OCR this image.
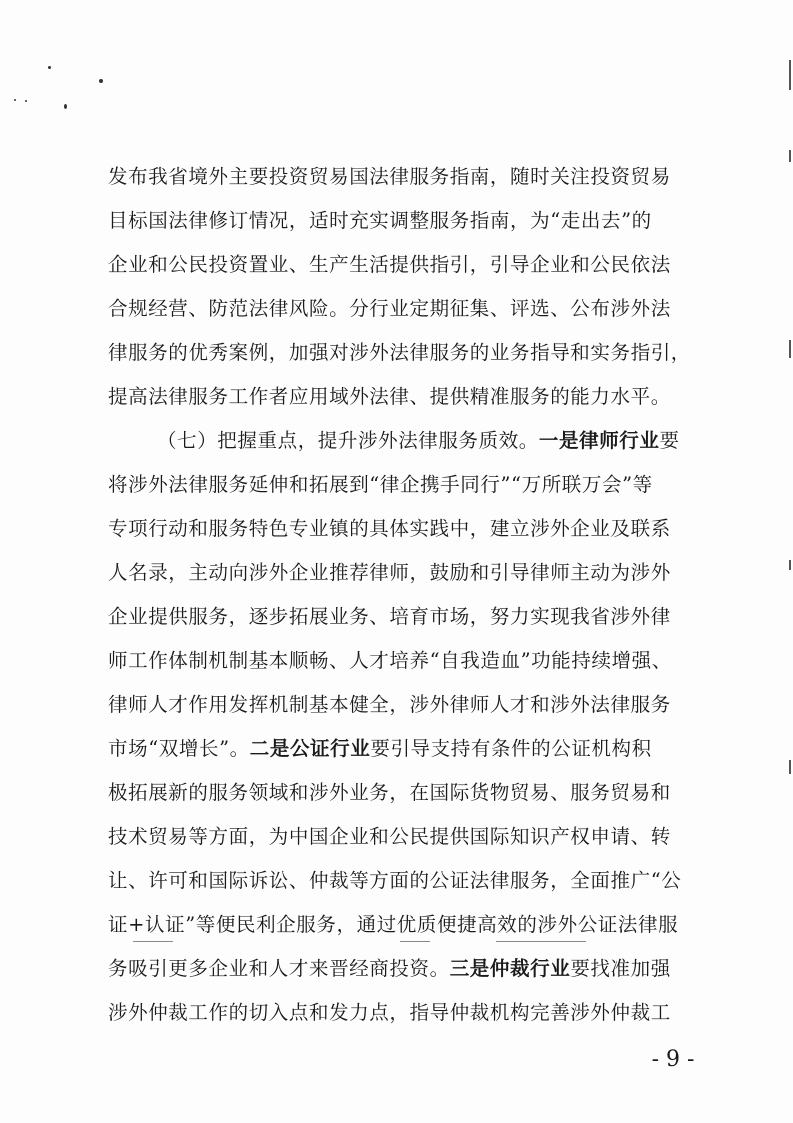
发布我省境外主要投资贸易国法律服务指南，随时关注投资贸易
目标国法律修订情况，适时充实调整服务指南，为“走出去”的
企业和公民投资置业、生产生活提供指引，引导企业和公民依法
合规经营、防范法律风险。分行业定期征集、评选、公布涉外法
律服务的优秀案例，加强对涉外法律服务的业务指导和实务指引，
提高法律服务工作者应用域外法律、提供精准服务的能力水平。
（七）把握重点，提升涉外法律服务质效。一是律师行业要
将涉外法律服务延伸和拓展到“律企携手同行”“万所联万会”等
专项行动和服务特色专业镇的具体实践中，建立涉外企业及联系
人名录，主动向涉外企业推荐律师，鼓励和引导律师主动为涉外
企业提供服务，逐步拓展业务、培育市场，努力实现我省涉外律
师工作体制机制基本顺畅、人才培养“自我造血”功能持续增强、
律师人才作用发挥机制基本健全，涉外律师人才和涉外法律服务
市场“双增长”。二是公证行业要引导支持有条件的公证机构积
极拓展新的服务领域和涉外业务，在国际货物贸易、服务贸易和
技术贸易等方面，为中国企业和公民提供国际知识产权申请、转
让、许可和国际诉讼、仲裁等方面的公证法律服务，全面推广“公
证+认证”等便民利企服务，通过优质便捷高效的涉外公证法律服
务吸引更多企业和人才来晋经商投资。三是仲裁行业要找准加强
涉外仲裁工作的切入点和发力点，指导仲裁机构完善涉外仲裁工
- 9 -
